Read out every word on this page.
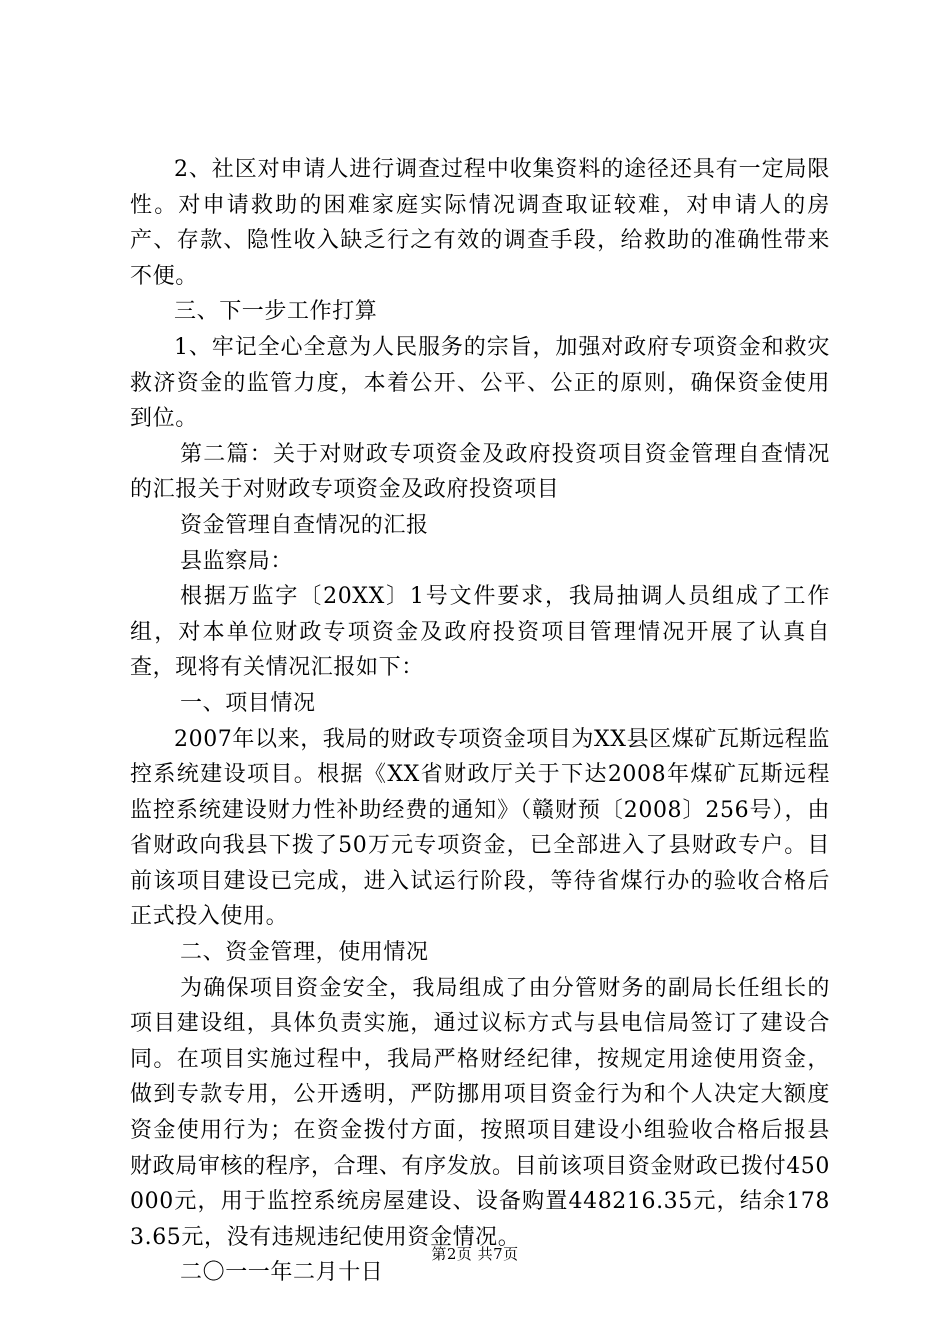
2、社区对申请人进行调查过程中收集资料的途径还具有一定局限性。对申请救助的困难家庭实际情况调查取证较难，对申请人的房产、存款、隐性收入缺乏行之有效的调查手段，给救助的准确性带来不便。

三、下一步工作打算

1、牢记全心全意为人民服务的宗旨，加强对政府专项资金和救灾救济资金的监管力度，本着公开、公平、公正的原则，确保资金使用到位。

第二篇：关于对财政专项资金及政府投资项目资金管理自查情况的汇报关于对财政专项资金及政府投资项目

资金管理自查情况的汇报

县监察局：

根据万监字〔20XX〕1号文件要求，我局抽调人员组成了工作组，对本单位财政专项资金及政府投资项目管理情况开展了认真自查，现将有关情况汇报如下：

一、项目情况

2007年以来，我局的财政专项资金项目为XX县区煤矿瓦斯远程监控系统建设项目。根据《XX省财政厅关于下达2008年煤矿瓦斯远程监控系统建设财力性补助经费的通知》（赣财预〔2008〕256号），由省财政向我县下拨了50万元专项资金，已全部进入了县财政专户。目前该项目建设已完成，进入试运行阶段，等待省煤行办的验收合格后正式投入使用。

二、资金管理，使用情况

为确保项目资金安全，我局组成了由分管财务的副局长任组长的项目建设组，具体负责实施，通过议标方式与县电信局签订了建设合同。在项目实施过程中，我局严格财经纪律，按规定用途使用资金，做到专款专用，公开透明，严防挪用项目资金行为和个人决定大额度资金使用行为；在资金拨付方面，按照项目建设小组验收合格后报县财政局审核的程序，合理、有序发放。目前该项目资金财政已拨付450000元，用于监控系统房屋建设、设备购置448216.35元，结余1783.65元，没有违规违纪使用资金情况。

二〇一一年二月十日

第2页 共7页
